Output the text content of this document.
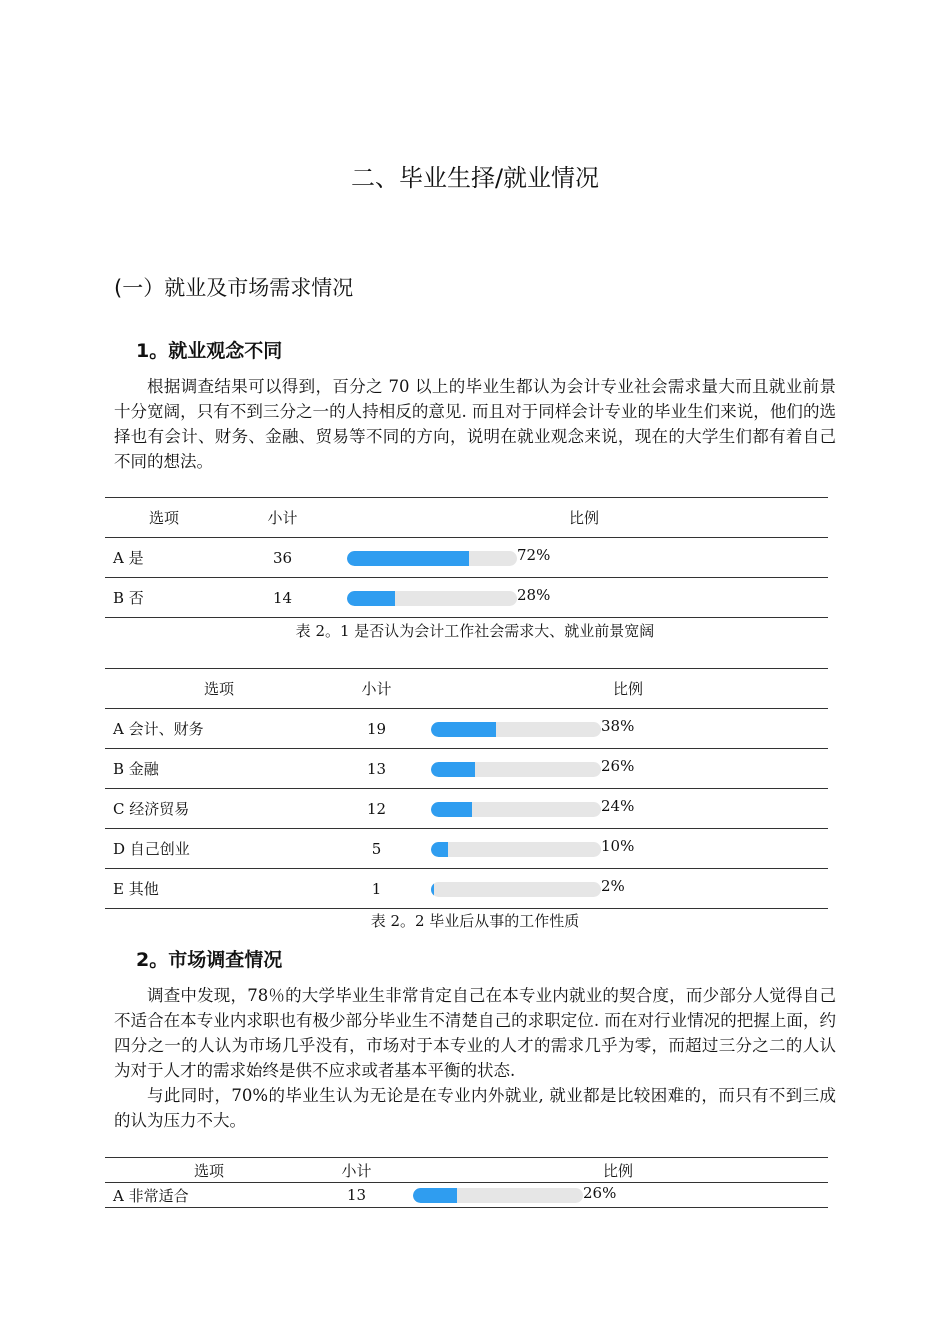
二、毕业生择/就业情况
(一）就业及市场需求情况
1。就业观念不同

根据调查结果可以得到，百分之 70 以上的毕业生都认为会计专业社会需求量大而且就业前景十分宽阔，只有不到三分之一的人持相反的意见. 而且对于同样会计专业的毕业生们来说，他们的选择也有会计、财务、金融、贸易等不同的方向，说明在就业观念来说，现在的大学生们都有着自己不同的想法。

选项	小计	比例
A 是	36	72%
B 否	14	28%
表 2。1 是否认为会计工作社会需求大、就业前景宽阔
选项	小计	比例
A 会计、财务	19	38%
B 金融	13	26%
C 经济贸易	12	24%
D 自己创业	5	10%
E 其他	1	2%
表 2。2 毕业后从事的工作性质
2。市场调查情况

调查中发现，78％的大学毕业生非常肯定自己在本专业内就业的契合度，而少部分人觉得自己不适合在本专业内求职也有极少部分毕业生不清楚自己的求职定位. 而在对行业情况的把握上面，约四分之一的人认为市场几乎没有，市场对于本专业的人才的需求几乎为零，而超过三分之二的人认为对于人才的需求始终是供不应求或者基本平衡的状态.

与此同时，70%的毕业生认为无论是在专业内外就业, 就业都是比较困难的，而只有不到三成的认为压力不大。

选项	小计	比例
A 非常适合	13	26%
